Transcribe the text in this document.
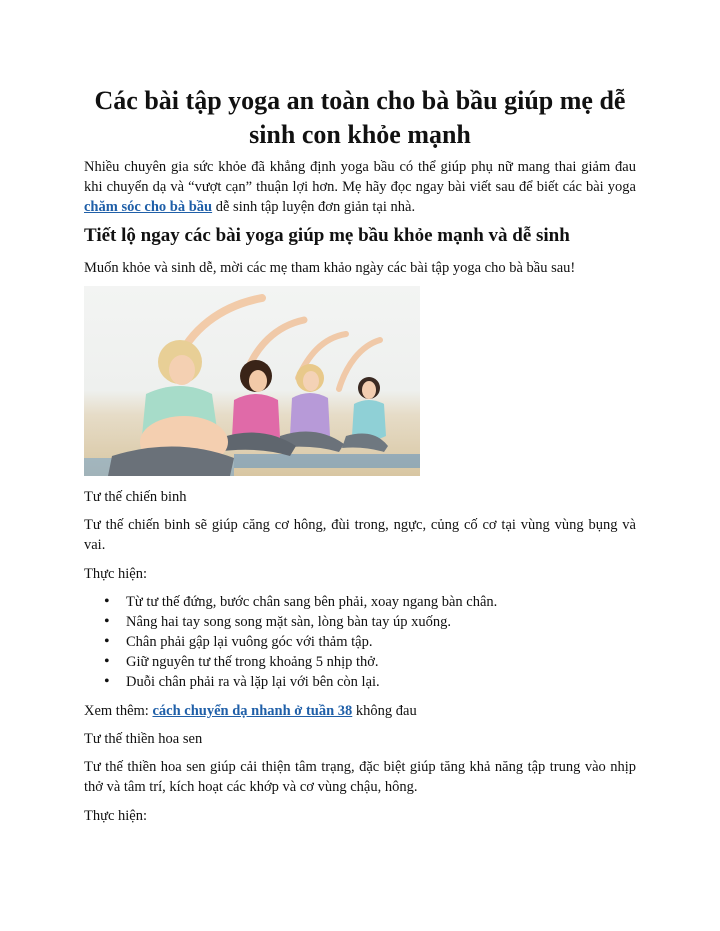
Các bài tập yoga an toàn cho bà bầu giúp mẹ dễ sinh con khỏe mạnh

Nhiều chuyên gia sức khỏe đã khẳng định yoga bầu có thể giúp phụ nữ mang thai giảm đau khi chuyển dạ và “vượt cạn” thuận lợi hơn. Mẹ hãy đọc ngay bài viết sau để biết các bài yoga chăm sóc cho bà bầu dễ sinh tập luyện đơn giản tại nhà.

Tiết lộ ngay các bài yoga giúp mẹ bầu khỏe mạnh và dễ sinh

Muốn khỏe và sinh dễ, mời các mẹ tham khảo ngày các bài tập yoga cho bà bầu sau!

Tư thế chiến binh

Tư thế chiến binh sẽ giúp căng cơ hông, đùi trong, ngực, củng cố cơ tại vùng vùng bụng và vai.

Thực hiện:

• Từ tư thế đứng, bước chân sang bên phải, xoay ngang bàn chân.
• Nâng hai tay song song mặt sàn, lòng bàn tay úp xuống.
• Chân phải gập lại vuông góc với thảm tập.
• Giữ nguyên tư thế trong khoảng 5 nhịp thở.
• Duỗi chân phải ra và lặp lại với bên còn lại.

Xem thêm: cách chuyển dạ nhanh ở tuần 38 không đau

Tư thế thiền hoa sen

Tư thế thiền hoa sen giúp cải thiện tâm trạng, đặc biệt giúp tăng khả năng tập trung vào nhịp thở và tâm trí, kích hoạt các khớp và cơ vùng chậu, hông.

Thực hiện:
